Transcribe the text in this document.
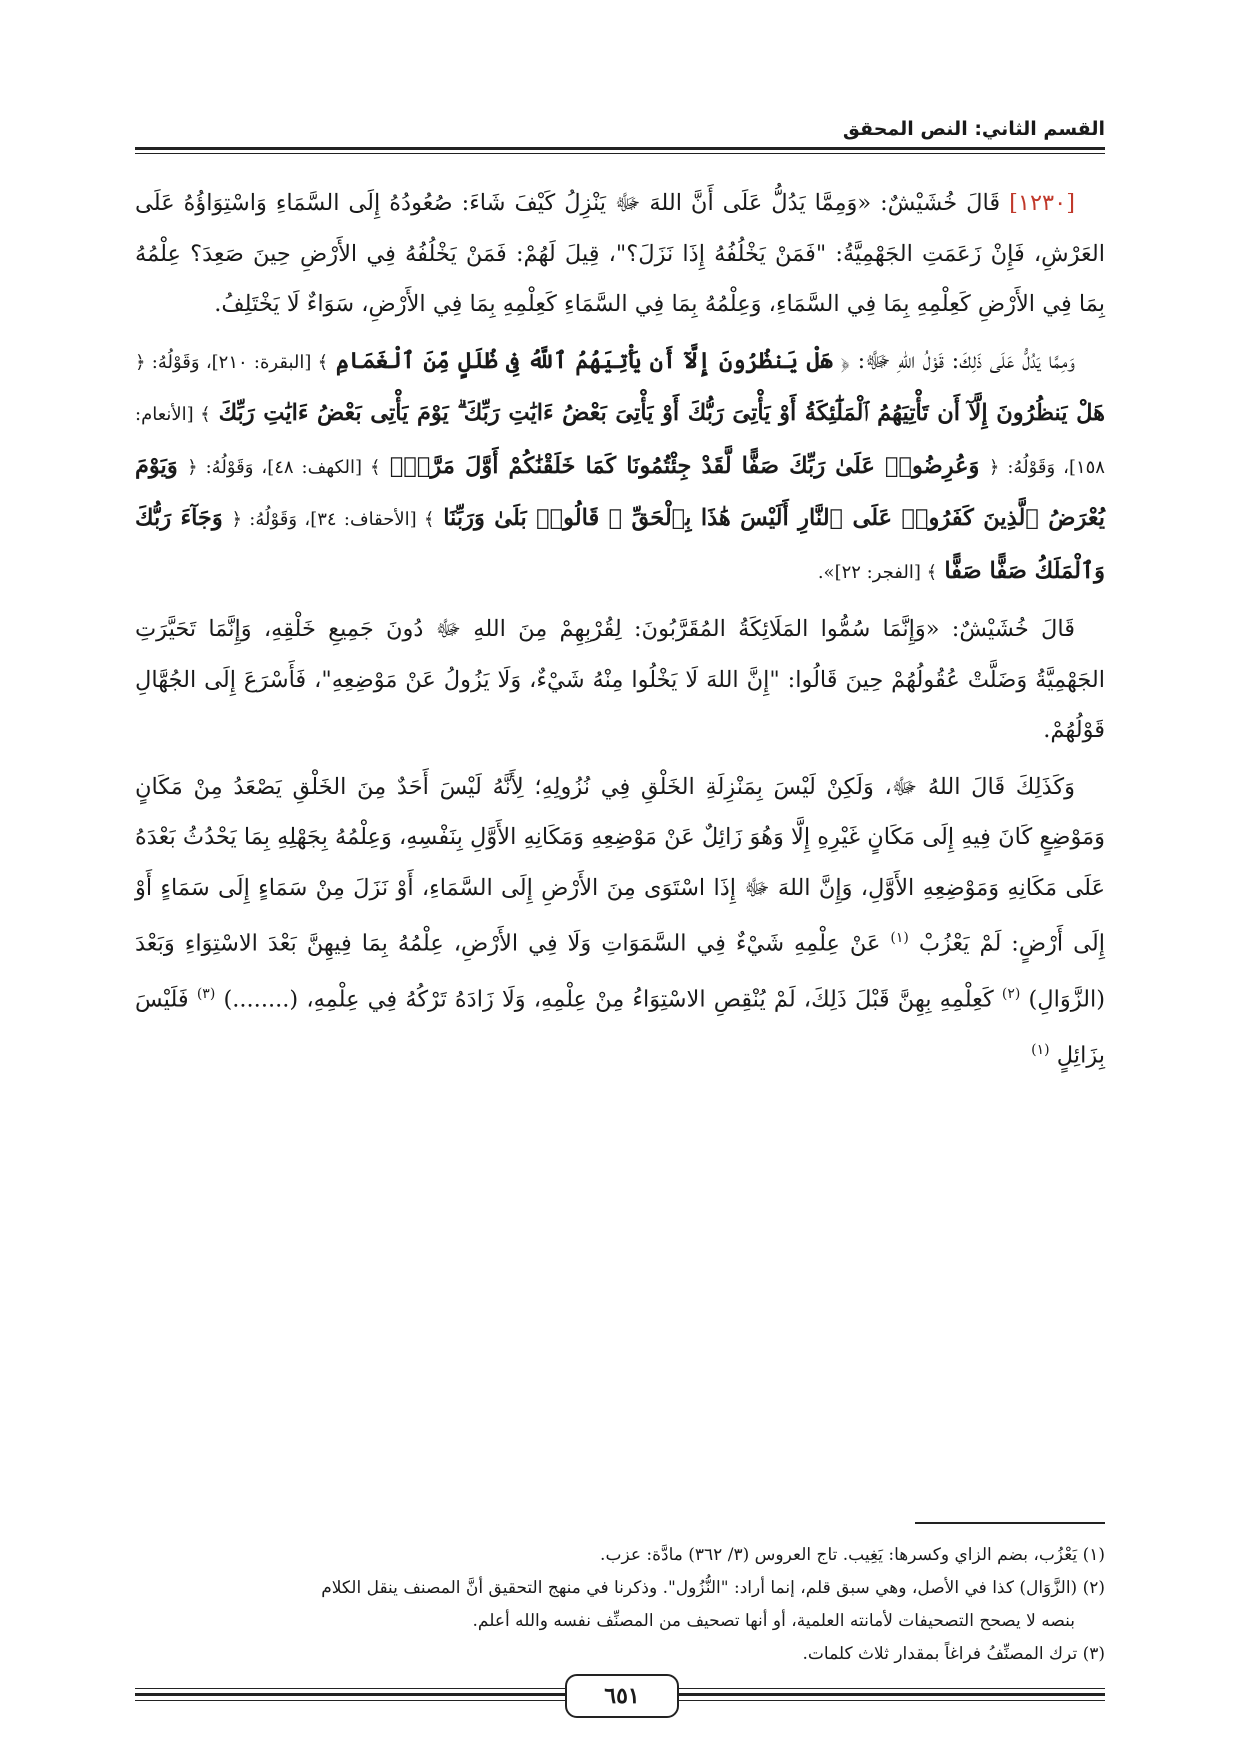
القسم الثاني: النص المحقق

[١٢٣٠] قَالَ خُشَيْشٌ: «وَمِمَّا يَدُلُّ عَلَى أَنَّ اللهَ ﷻ يَنْزِلُ كَيْفَ شَاءَ: صُعُودُهُ إِلَى السَّمَاءِ وَاسْتِوَاؤُهُ عَلَى العَرْشِ، فَإِنْ زَعَمَتِ الجَهْمِيَّةُ: "فَمَنْ يَخْلُفُهُ إِذَا نَزَلَ؟"، قِيلَ لَهُمْ: فَمَنْ يَخْلُفُهُ فِي الأَرْضِ حِينَ صَعِدَ؟ عِلْمُهُ بِمَا فِي الأَرْضِ كَعِلْمِهِ بِمَا فِي السَّمَاءِ، وَعِلْمُهُ بِمَا فِي السَّمَاءِ كَعِلْمِهِ بِمَا فِي الأَرْضِ، سَوَاءٌ لَا يَخْتَلِفُ.

وَمِمَّا يَدُلُّ عَلَى ذَلِكَ: قَوْلُ اللهِ ﷻ: ﴿ هَلْ يَنظُرُونَ إِلَّآ أَن يَأْتِيَهُمُ ٱللَّهُ فِى ظُلَلٍ مِّنَ ٱلْغَمَامِ ﴾ [البقرة: ٢١٠]، وَقَوْلُهُ: ﴿ هَلْ يَنظُرُونَ إِلَّآ أَن تَأْتِيَهُمُ ٱلْمَلَٰٓئِكَةُ أَوْ يَأْتِىَ رَبُّكَ أَوْ يَأْتِىَ بَعْضُ ءَايَٰتِ رَبِّكَ ۗ يَوْمَ يَأْتِى بَعْضُ ءَايَٰتِ رَبِّكَ ﴾ [الأنعام: ١٥٨]، وَقَوْلُهُ: ﴿ وَعُرِضُوا۟ عَلَىٰ رَبِّكَ صَفًّا لَّقَدْ جِئْتُمُونَا كَمَا خَلَقْنَٰكُمْ أَوَّلَ مَرَّةٍۭ ﴾ [الكهف: ٤٨]، وَقَوْلُهُ: ﴿ وَيَوْمَ يُعْرَضُ ٱلَّذِينَ كَفَرُوا۟ عَلَى ٱلنَّارِ أَلَيْسَ هَٰذَا بِٱلْحَقِّ ۖ قَالُوا۟ بَلَىٰ وَرَبِّنَا ﴾ [الأحقاف: ٣٤]، وَقَوْلُهُ: ﴿ وَجَآءَ رَبُّكَ وَٱلْمَلَكُ صَفًّا صَفًّا ﴾ [الفجر: ٢٢]».

قَالَ خُشَيْشٌ: «وَإِنَّمَا سُمُّوا المَلَائِكَةُ المُقَرَّبُونَ: لِقُرْبِهِمْ مِنَ اللهِ ﷻ دُونَ جَمِيعِ خَلْقِهِ، وَإِنَّمَا تَحَيَّرَتِ الجَهْمِيَّةُ وَضَلَّتْ عُقُولُهُمْ حِينَ قَالُوا: "إِنَّ اللهَ لَا يَخْلُوا مِنْهُ شَيْءٌ، وَلَا يَزُولُ عَنْ مَوْضِعِهِ"، فَأَسْرَعَ إِلَى الجُهَّالِ قَوْلُهُمْ.

وَكَذَلِكَ قَالَ اللهُ ﷻ، وَلَكِنْ لَيْسَ بِمَنْزِلَةِ الخَلْقِ فِي نُزُولِهِ؛ لِأَنَّهُ لَيْسَ أَحَدٌ مِنَ الخَلْقِ يَصْعَدُ مِنْ مَكَانٍ وَمَوْضِعٍ كَانَ فِيهِ إِلَى مَكَانٍ غَيْرِهِ إِلَّا وَهُوَ زَائِلٌ عَنْ مَوْضِعِهِ وَمَكَانِهِ الأَوَّلِ بِنَفْسِهِ، وَعِلْمُهُ بِجَهْلِهِ بِمَا يَحْدُثُ بَعْدَهُ عَلَى مَكَانِهِ وَمَوْضِعِهِ الأَوَّلِ، وَإِنَّ اللهَ ﷻ إِذَا اسْتَوَى مِنَ الأَرْضِ إِلَى السَّمَاءِ، أَوْ نَزَلَ مِنْ سَمَاءٍ إِلَى سَمَاءٍ أَوْ إِلَى أَرْضٍ: لَمْ يَعْزُبْ $^{(١)}$ عَنْ عِلْمِهِ شَيْءٌ فِي السَّمَوَاتِ وَلَا فِي الأَرْضِ، عِلْمُهُ بِمَا فِيهِنَّ بَعْدَ الاسْتِوَاءِ وَبَعْدَ (الزَّوَالِ) $^{(٢)}$ كَعِلْمِهِ بِهِنَّ قَبْلَ ذَلِكَ، لَمْ يُنْقِصِ الاسْتِوَاءُ مِنْ عِلْمِهِ، وَلَا زَادَهُ تَرْكُهُ فِي عِلْمِهِ، (........) $^{(٣)}$ فَلَيْسَ بِزَائِلٍ $^{(١)}$

(١) يَعْزُب، بضم الزاي وكسرها: يَغِيب. تاج العروس (٣/ ٣٦٢) مادَّة: عزب.
(٢) (الزَّوَال) كذا في الأصل، وهي سبق قلم، إنما أراد: "النُّزُول". وذكرنا في منهج التحقيق أنَّ المصنف ينقل الكلام
بنصه لا يصحح التصحيفات لأمانته العلمية، أو أنها تصحيف من المصنِّف نفسه والله أعلم.
(٣) ترك المصنِّفُ فراغاً بمقدار ثلاث كلمات.
٦٥١
